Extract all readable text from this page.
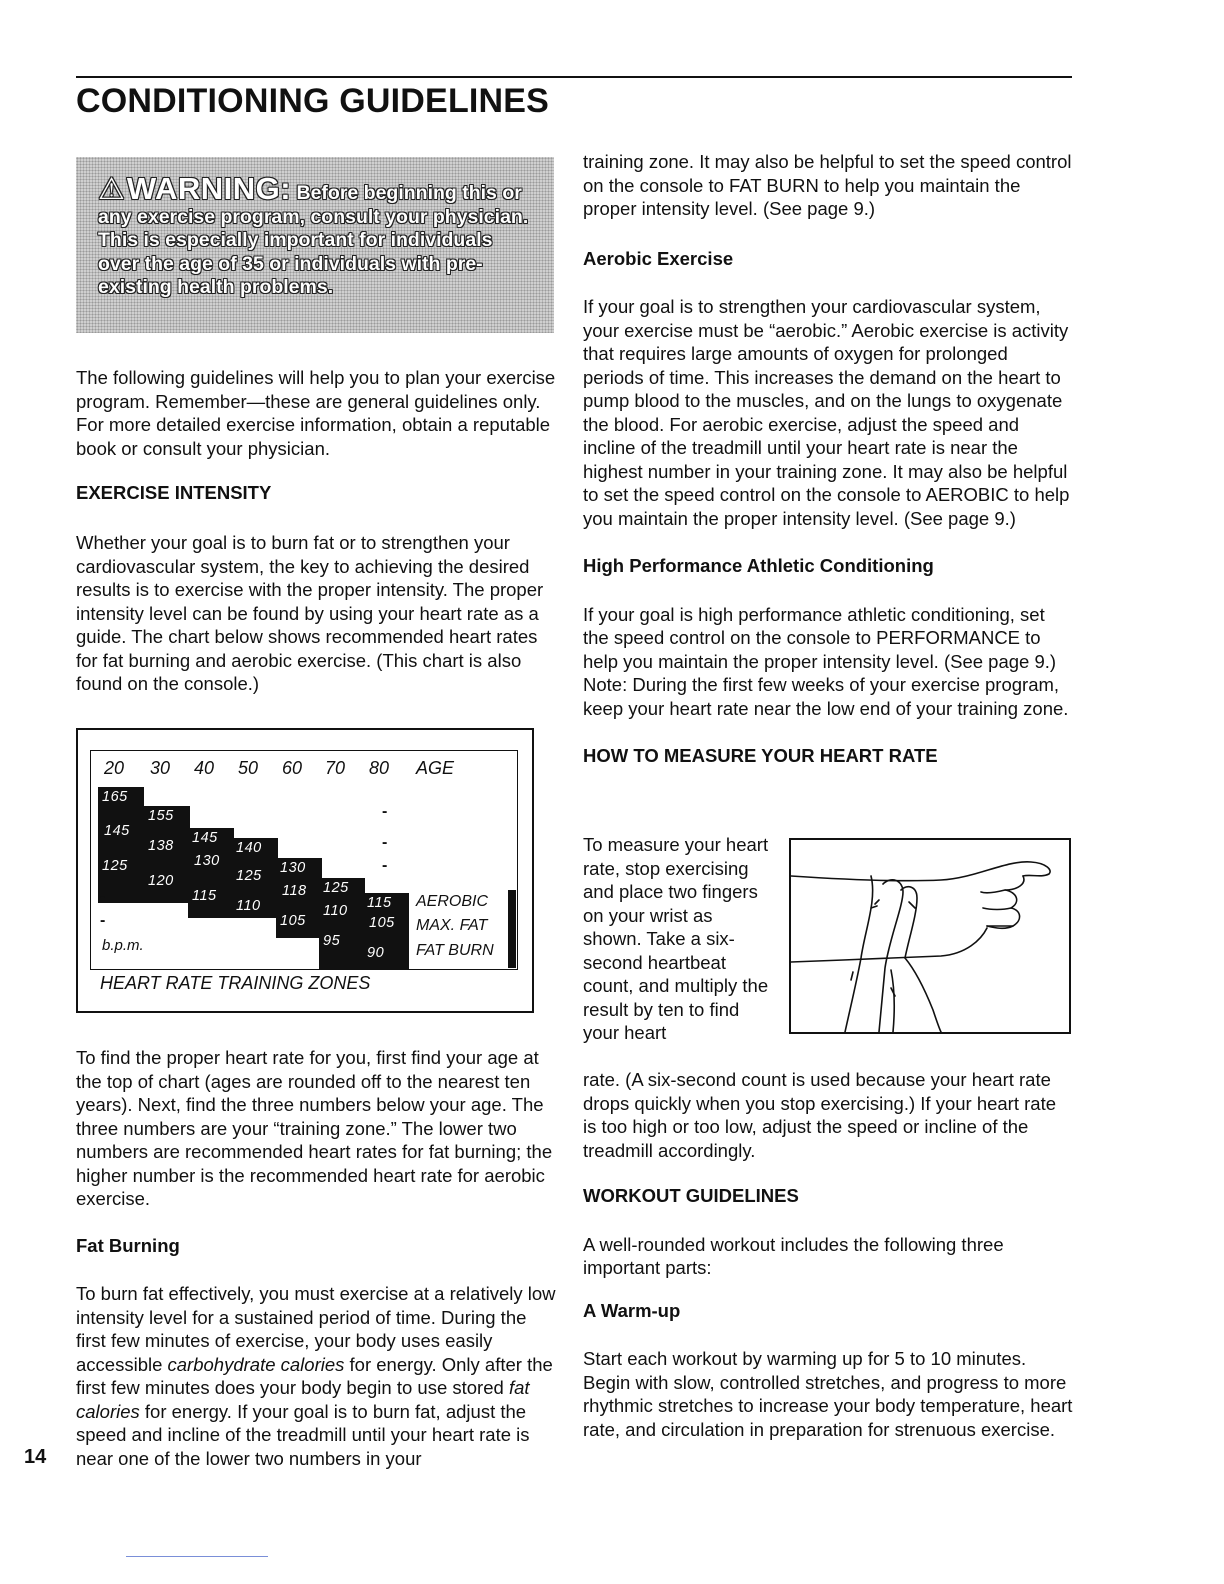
CONDITIONING GUIDELINES
⚠WARNING: Before beginning this or any exercise program, consult your physician. This is especially important for individuals over the age of 35 or individuals with pre-existing health problems.

The following guidelines will help you to plan your exercise program. Remember—these are general guidelines only. For more detailed exercise information, obtain a reputable book or consult your physician.

EXERCISE INTENSITY

Whether your goal is to burn fat or to strengthen your cardiovascular system, the key to achieving the desired results is to exercise with the proper intensity. The proper intensity level can be found by using your heart rate as a guide. The chart below shows recommended heart rates for fat burning and aerobic exercise. (This chart is also found on the console.)

20 30 40 50 60 70 80 AGE
165
145
125
155
138
120
145
130
115
140
125
110
130
118
105
125
110
95
115
105
90
AEROBIC
MAX. FAT
FAT BURN
-
-
-
-
-
b.p.m.
HEART RATE TRAINING ZONES

To find the proper heart rate for you, first find your age at the top of chart (ages are rounded off to the nearest ten years). Next, find the three numbers below your age. The three numbers are your “training zone.” The lower two numbers are recommended heart rates for fat burning; the higher number is the recommended heart rate for aerobic exercise.

Fat Burning

To burn fat effectively, you must exercise at a relatively low intensity level for a sustained period of time. During the first few minutes of exercise, your body uses easily accessible carbohydrate calories for energy. Only after the first few minutes does your body begin to use stored fat calories for energy. If your goal is to burn fat, adjust the speed and incline of the treadmill until your heart rate is near one of the lower two numbers in your

training zone. It may also be helpful to set the speed control on the console to FAT BURN to help you maintain the proper intensity level. (See page 9.)

Aerobic Exercise

If your goal is to strengthen your cardiovascular system, your exercise must be “aerobic.” Aerobic exercise is activity that requires large amounts of oxygen for prolonged periods of time. This increases the demand on the heart to pump blood to the muscles, and on the lungs to oxygenate the blood. For aerobic exercise, adjust the speed and incline of the treadmill until your heart rate is near the highest number in your training zone. It may also be helpful to set the speed control on the console to AEROBIC to help you maintain the proper intensity level. (See page 9.)

High Performance Athletic Conditioning

If your goal is high performance athletic conditioning, set the speed control on the console to PERFORMANCE to help you maintain the proper intensity level. (See page 9.) Note: During the first few weeks of your exercise program, keep your heart rate near the low end of your training zone.

HOW TO MEASURE YOUR HEART RATE

To measure your heart rate, stop exercising and place two fingers on your wrist as shown. Take a six-second heartbeat count, and multiply the result by ten to find your heart
rate. (A six-second count is used because your heart rate drops quickly when you stop exercising.) If your heart rate is too high or too low, adjust the speed or incline of the treadmill accordingly.

WORKOUT GUIDELINES

A well-rounded workout includes the following three important parts:

A Warm-up

Start each workout by warming up for 5 to 10 minutes. Begin with slow, controlled stretches, and progress to more rhythmic stretches to increase your body temperature, heart rate, and circulation in preparation for strenuous exercise.

14
